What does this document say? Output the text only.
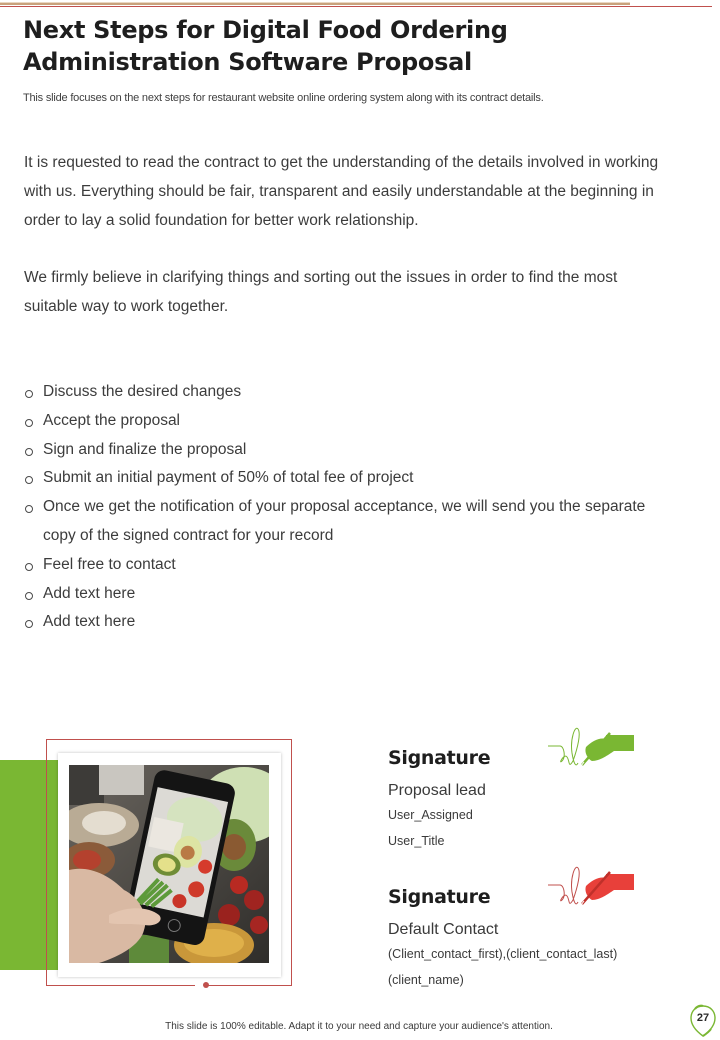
Next Steps for Digital Food Ordering Administration Software Proposal

This slide focuses on the next steps for restaurant website online ordering system along with its contract details.

It is requested to read the contract to get the understanding of the details involved in working with us. Everything should be fair, transparent and easily understandable at the beginning in order to lay a solid foundation for better work relationship.

We firmly believe in clarifying things and sorting out the issues in order to find the most suitable way to work together.

Discuss the desired changes
Accept the proposal
Sign and finalize the proposal
Submit an initial payment of 50% of total fee of project
Once we get the notification of your proposal acceptance, we will send you the separate copy of the signed contract for your record
Feel free to contact
Add text here
Add text here
Signature
Proposal lead
User_Assigned
User_Title
Signature
Default Contact
(Client_contact_first),(client_contact_last)
(client_name)
This slide is 100% editable. Adapt it to your need and capture your audience's attention.
27
